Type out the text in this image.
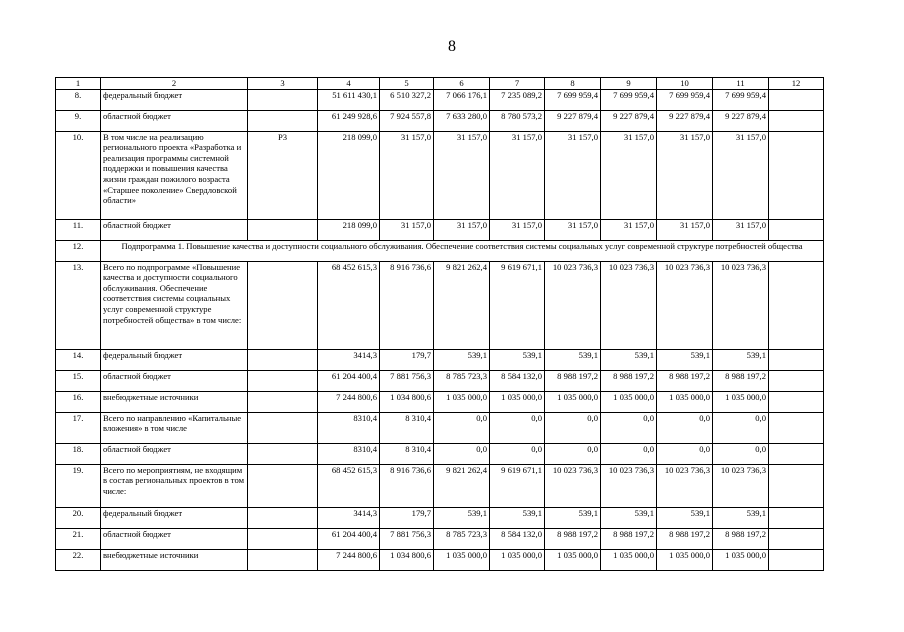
8
1	2	3	4	5	6	7	8	9	10	11	12
8.	федеральный бюджет		51 611 430,1	6 510 327,2	7 066 176,1	7 235 089,2	7 699 959,4	7 699 959,4	7 699 959,4	7 699 959,4	
9.	областной бюджет		61 249 928,6	7 924 557,8	7 633 280,0	8 780 573,2	9 227 879,4	9 227 879,4	9 227 879,4	9 227 879,4	
10.	В том числе на реализацию регионального проекта «Разработка и реализация программы системной поддержки и повышения качества жизни граждан пожилого возраста «Старшее поколение» Свердловской области»	Р3	218 099,0	31 157,0	31 157,0	31 157,0	31 157,0	31 157,0	31 157,0	31 157,0	
11.	областной бюджет		218 099,0	31 157,0	31 157,0	31 157,0	31 157,0	31 157,0	31 157,0	31 157,0	
12.	Подпрограмма 1. Повышение качества и доступности социального обслуживания. Обеспечение соответствия системы социальных услуг современной структуре потребностей общества										
13.	Всего по подпрограмме «Повышение качества и доступности социального обслуживания. Обеспечение соответствия системы социальных услуг современной структуре потребностей общества» в том числе:		68 452 615,3	8 916 736,6	9 821 262,4	9 619 671,1	10 023 736,3	10 023 736,3	10 023 736,3	10 023 736,3	
14.	федеральный бюджет		3414,3	179,7	539,1	539,1	539,1	539,1	539,1	539,1	
15.	областной бюджет		61 204 400,4	7 881 756,3	8 785 723,3	8 584 132,0	8 988 197,2	8 988 197,2	8 988 197,2	8 988 197,2	
16.	внебюджетные источники		7 244 800,6	1 034 800,6	1 035 000,0	1 035 000,0	1 035 000,0	1 035 000,0	1 035 000,0	1 035 000,0	
17.	Всего по направлению «Капитальные вложения» в том числе		8310,4	8 310,4	0,0	0,0	0,0	0,0	0,0	0,0	
18.	областной бюджет		8310,4	8 310,4	0,0	0,0	0,0	0,0	0,0	0,0	
19.	Всего по мероприятиям, не входящим в состав региональных проектов в том числе:		68 452 615,3	8 916 736,6	9 821 262,4	9 619 671,1	10 023 736,3	10 023 736,3	10 023 736,3	10 023 736,3	
20.	федеральный бюджет		3414,3	179,7	539,1	539,1	539,1	539,1	539,1	539,1	
21.	областной бюджет		61 204 400,4	7 881 756,3	8 785 723,3	8 584 132,0	8 988 197,2	8 988 197,2	8 988 197,2	8 988 197,2	
22.	внебюджетные источники		7 244 800,6	1 034 800,6	1 035 000,0	1 035 000,0	1 035 000,0	1 035 000,0	1 035 000,0	1 035 000,0	
